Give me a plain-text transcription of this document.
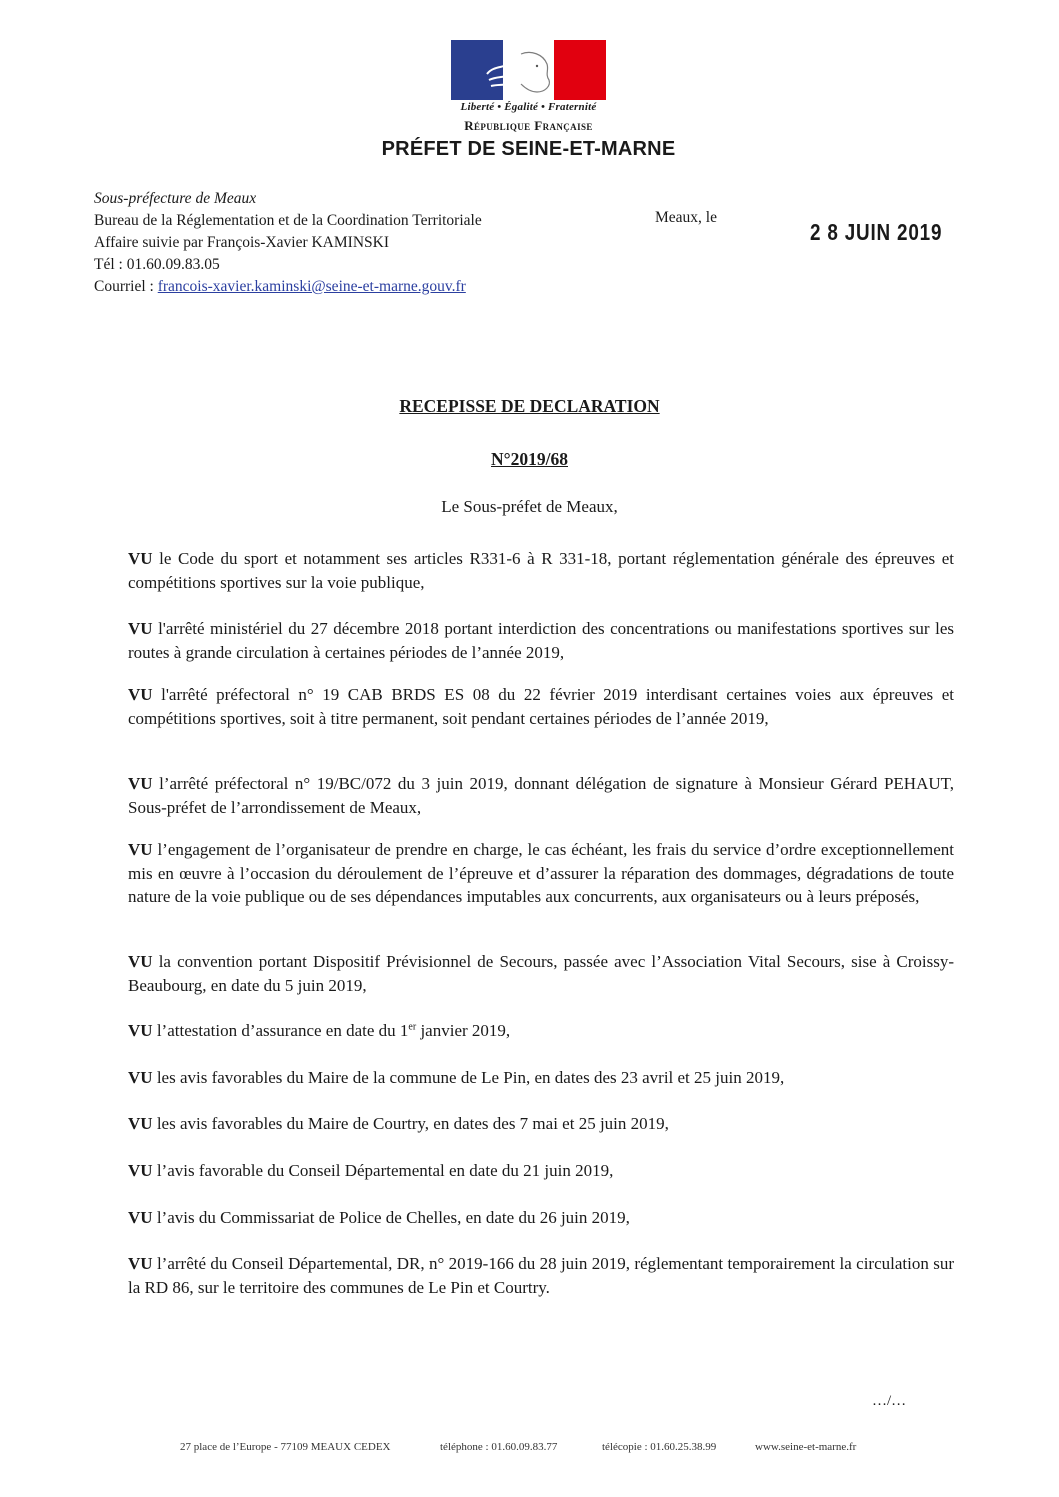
Liberté • Égalité • Fraternité
République Française
PRÉFET DE SEINE-ET-MARNE
Sous-préfecture de Meaux
Bureau de la Réglementation et de la Coordination Territoriale
Affaire suivie par François-Xavier KAMINSKI
Tél : 01.60.09.83.05
Courriel : francois-xavier.kaminski@seine-et-marne.gouv.fr
Meaux, le
2 8 JUIN 2019
RECEPISSE DE DECLARATION
N°2019/68
Le Sous-préfet de Meaux,
VU le Code du sport et notamment ses articles R331-6 à R 331-18, portant réglementation générale des épreuves et compétitions sportives sur la voie publique,
VU l'arrêté ministériel du 27 décembre 2018 portant interdiction des concentrations ou manifestations sportives sur les routes à grande circulation à certaines périodes de l’année 2019,
VU l'arrêté préfectoral n° 19 CAB BRDS ES 08 du 22 février 2019 interdisant certaines voies aux épreuves et compétitions sportives, soit à titre permanent, soit pendant certaines périodes de l’année 2019,
VU l’arrêté préfectoral n° 19/BC/072 du 3 juin 2019, donnant délégation de signature à Monsieur Gérard PEHAUT, Sous-préfet de l’arrondissement de Meaux,
VU l’engagement de l’organisateur de prendre en charge, le cas échéant, les frais du service d’ordre exceptionnellement mis en œuvre à l’occasion du déroulement de l’épreuve et d’assurer la réparation des dommages, dégradations de toute nature de la voie publique ou de ses dépendances imputables aux concurrents, aux organisateurs ou à leurs préposés,
VU la convention portant Dispositif Prévisionnel de Secours, passée avec l’Association Vital Secours, sise à Croissy-Beaubourg, en date du 5 juin 2019,
VU l’attestation d’assurance en date du 1er janvier 2019,
VU les avis favorables du Maire de la commune de Le Pin, en dates des 23 avril et 25 juin 2019,
VU les avis favorables du Maire de Courtry, en dates des 7 mai et 25 juin 2019,
VU l’avis favorable du Conseil Départemental en date du 21 juin 2019,
VU l’avis du Commissariat de Police de Chelles, en date du 26 juin 2019,
VU l’arrêté du Conseil Départemental, DR, n° 2019-166 du 28 juin 2019, réglementant temporairement la circulation sur la RD 86, sur le territoire des communes de Le Pin et Courtry.
…/…
27 place de l’Europe - 77109 MEAUX CEDEX	téléphone : 01.60.09.83.77	télécopie : 01.60.25.38.99	www.seine-et-marne.fr
